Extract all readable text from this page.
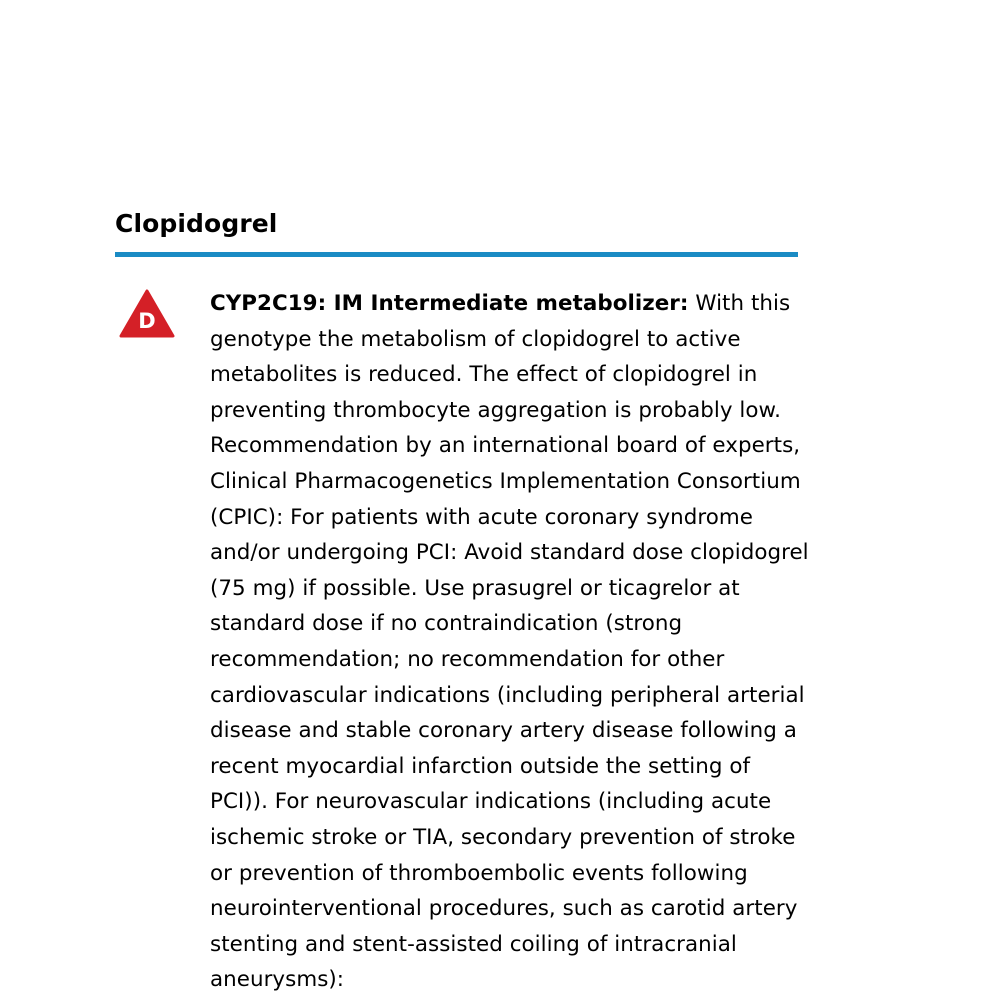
Clopidogrel
D

CYP2C19: IM Intermediate metabolizer: With this genotype the metabolism of clopidogrel to active metabolites is reduced. The effect of clopidogrel in preventing thrombocyte aggregation is probably low. Recommendation by an international board of experts, Clinical Pharmacogenetics Implementation Consortium (CPIC): For patients with acute coronary syndrome and/or undergoing PCI: Avoid standard dose clopidogrel (75 mg) if possible. Use prasugrel or ticagrelor at standard dose if no contraindication (strong recommendation; no recommendation for other cardiovascular indications (including peripheral arterial disease and stable coronary artery disease following a recent myocardial infarction outside the setting of PCI)). For neurovascular indications (including acute ischemic stroke or TIA, secondary prevention of stroke or prevention of thromboembolic events following neurointerventional procedures, such as carotid artery stenting and stent-assisted coiling of intracranial aneurysms):
